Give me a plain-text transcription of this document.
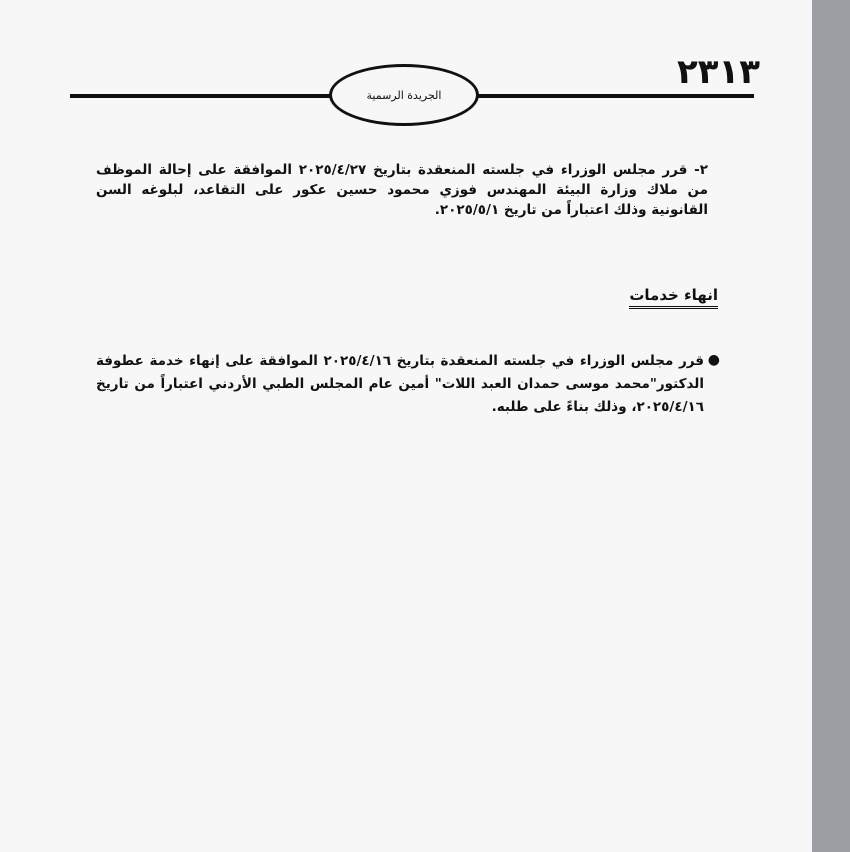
٢٣١٣
الجريدة الرسمية
٢- قرر مجلس الوزراء في جلسته المنعقدة بتاريخ ٢٠٢٥/٤/٢٧ الموافقة على إحالة الموظف من ملاك وزارة البيئة المهندس فوزي محمود حسين عكور على التقاعد، لبلوغه السن القانونية وذلك اعتباراً من تاريخ ٢٠٢٥/٥/١.
انهاء خدمات
●
قرر مجلس الوزراء في جلسته المنعقدة بتاريخ ٢٠٢٥/٤/١٦ الموافقة على إنهاء خدمة عطوفة الدكتور"محمد موسى حمدان العبد اللات" أمين عام المجلس الطبي الأردني اعتباراً من تاريخ ٢٠٢٥/٤/١٦، وذلك بناءً على طلبه.
